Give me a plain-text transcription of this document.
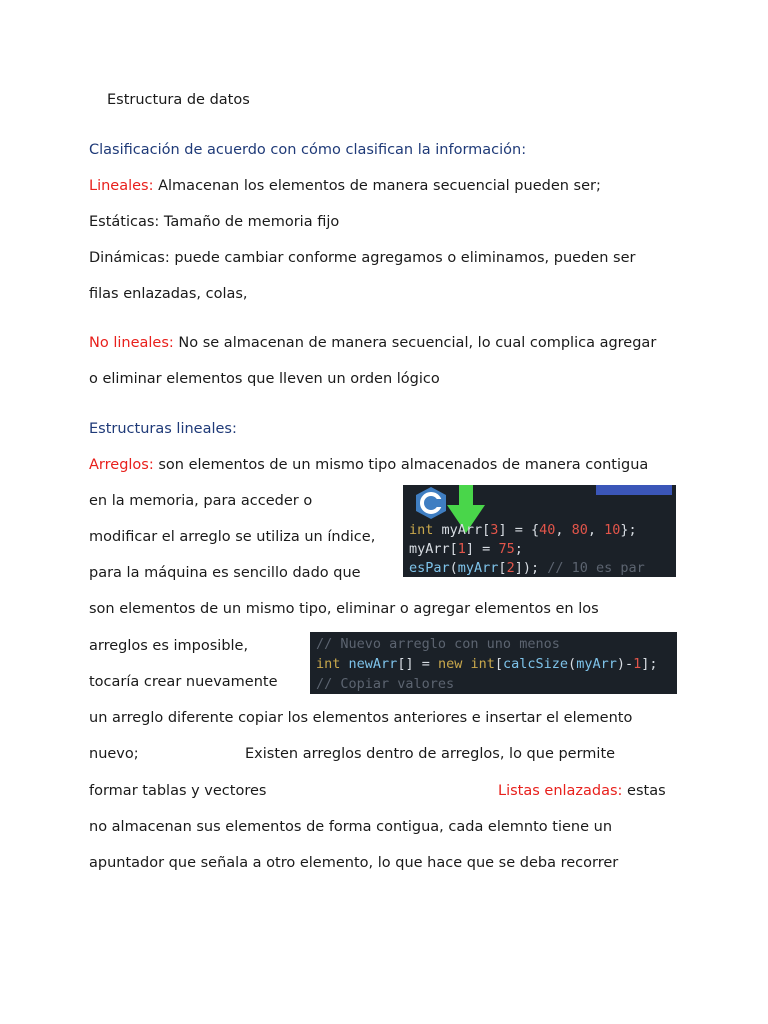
Estructura de datos
Clasificación de acuerdo con cómo clasifican la información:
Lineales: Almacenan los elementos de manera secuencial pueden ser;
Estáticas: Tamaño de memoria fijo
Dinámicas: puede cambiar conforme agregamos o eliminamos, pueden ser
filas enlazadas, colas,
No lineales: No se almacenan de manera secuencial, lo cual complica agregar
o eliminar elementos que lleven un orden lógico
Estructuras lineales:
Arreglos: son elementos de un mismo tipo almacenados de manera contigua
en la memoria, para acceder o
modificar el arreglo se utiliza un índice,
para la máquina es sencillo dado que
son elementos de un mismo tipo, eliminar o agregar elementos en los
arreglos es imposible,
tocaría crear nuevamente
un arreglo diferente copiar los elementos anteriores e insertar el elemento
nuevo;	Existen arreglos dentro de arreglos, lo que permite
formar tablas y vectores	Listas enlazadas: estas
no almacenan sus elementos de forma contigua, cada elemnto tiene un
apuntador que señala a otro elemento, lo que hace que se deba recorrer
int myArr[3] = {40, 80, 10};
myArr[1] = 75;
esPar(myArr[2]); // 10 es par
// Nuevo arreglo con uno menos
int newArr[] = new int[calcSize(myArr)-1];
// Copiar valores
